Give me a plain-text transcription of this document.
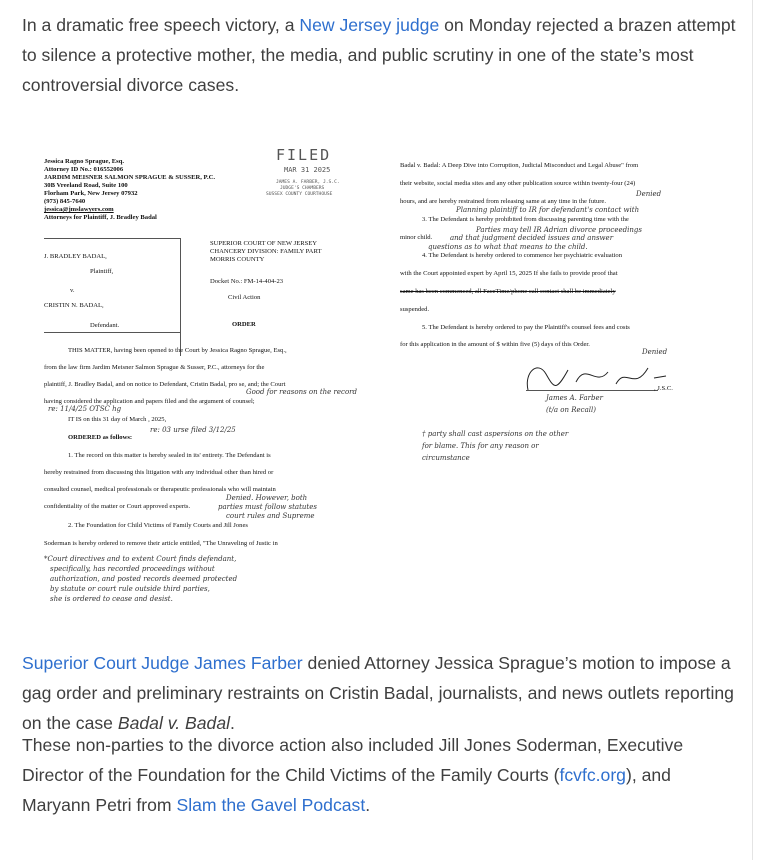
In a dramatic free speech victory, a New Jersey judge on Monday rejected a brazen attempt to silence a protective mother, the media, and public scrutiny in one of the state’s most controversial divorce cases.

Jessica Ragno Sprague, Esq.
Attorney ID No.: 016552006
JARDIM MEISNER SALMON SPRAGUE & SUSSER, P.C.
30B Vreeland Road, Suite 100
Florham Park, New Jersey 07932
(973) 845-7640
jessica@jmslawyers.com
Attorneys for Plaintiff, J. Bradley Badal
FILED
MAR 31 2025
JAMES A. FARBER, J.S.C.
JUDGE'S CHAMBERS
SUSSEX COUNTY COURTHOUSE
J. BRADLEY BADAL,
Plaintiff,
v.
CRISTIN N. BADAL,
Defendant.
SUPERIOR COURT OF NEW JERSEY
CHANCERY DIVISION: FAMILY PART
MORRIS COUNTY
Docket No.: FM-14-404-23
Civil Action
ORDER
THIS MATTER, having been opened to the Court by Jessica Ragno Sprague, Esq.,
from the law firm Jardim Meisner Salmon Sprague & Susser, P.C., attorneys for the
plaintiff, J. Bradley Badal, and on notice to Defendant, Cristin Badal, pro se, and; the Court
having considered the application and papers filed and the argument of counsel;
IT IS on this 31 day of March , 2025,
ORDERED as follows:
1. The record on this matter is hereby sealed in its' entirety. The Defendant is
hereby restrained from discussing this litigation with any individual other than hired or
consulted counsel, medical professionals or therapeutic professionals who will maintain
confidentiality of the matter or Court approved experts.
2. The Foundation for Child Victims of Family Courts and Jill Jones
Soderman is hereby ordered to remove their article entitled, "The Unraveling of Justic in
Good for reasons on the record
re: 11/4/25 OTSC hg
re: 03 urse filed 3/12/25
Denied. However, both
parties must follow statutes
court rules and Supreme
*Court directives and to extent Court finds defendant,
specifically, has recorded proceedings without
authorization, and posted records deemed protected
by statute or court rule outside third parties,
she is ordered to cease and desist.
Badal v. Badal: A Deep Dive into Corruption, Judicial Misconduct and Legal Abuse" from
their website, social media sites and any other publication source within twenty-four (24)
hours, and are hereby restrained from releasing same at any time in the future.
Denied
Planning plaintiff to IR for defendant's contact with
3. The Defendant is hereby prohibited from discussing parenting time with the
Parties may tell IR Adrian divorce proceedings
minor child.	and that judgment decided issues and answer
questions as to what that means to the child.
4. The Defendant is hereby ordered to commence her psychiatric evaluation
with the Court appointed expert by April 15, 2025 If she fails to provide proof that
same has been commenced, all FaceTime/phone call contact shall be immediately
suspended.
5. The Defendant is hereby ordered to pay the Plaintiff's counsel fees and costs
for this application in the amount of $ within five (5) days of this Order.
Denied
, J.S.C.
James A. Farber
(t/a on Recall)
† party shall cast aspersions on the other
for blame. This for any reason or
circumstance

Superior Court Judge James Farber denied Attorney Jessica Sprague’s motion to impose a gag order and preliminary restraints on Cristin Badal, journalists, and news outlets reporting on the case Badal v. Badal.

These non-parties to the divorce action also included Jill Jones Soderman, Executive Director of the Foundation for the Child Victims of the Family Courts (fcvfc.org), and Maryann Petri from Slam the Gavel Podcast.
